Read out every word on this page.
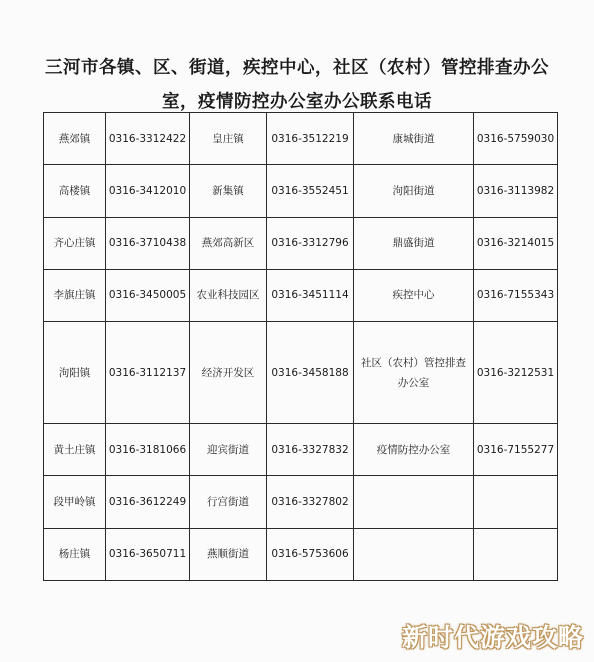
三河市各镇、区、街道，疾控中心，社区（农村）管控排查办公
室，疫情防控办公室办公联系电话
燕郊镇	0316-3312422	皇庄镇	0316-3512219	康城街道	0316-5759030
高楼镇	0316-3412010	新集镇	0316-3552451	泃阳街道	0316-3113982
齐心庄镇	0316-3710438	燕郊高新区	0316-3312796	鼎盛街道	0316-3214015
李旗庄镇	0316-3450005	农业科技园区	0316-3451114	疾控中心	0316-7155343
泃阳镇	0316-3112137	经济开发区	0316-3458188	社区（农村）管控排查办公室	0316-3212531
黄土庄镇	0316-3181066	迎宾街道	0316-3327832	疫情防控办公室	0316-7155277
段甲岭镇	0316-3612249	行宫街道	0316-3327802		
杨庄镇	0316-3650711	燕顺街道	0316-5753606		
新时代游戏攻略
